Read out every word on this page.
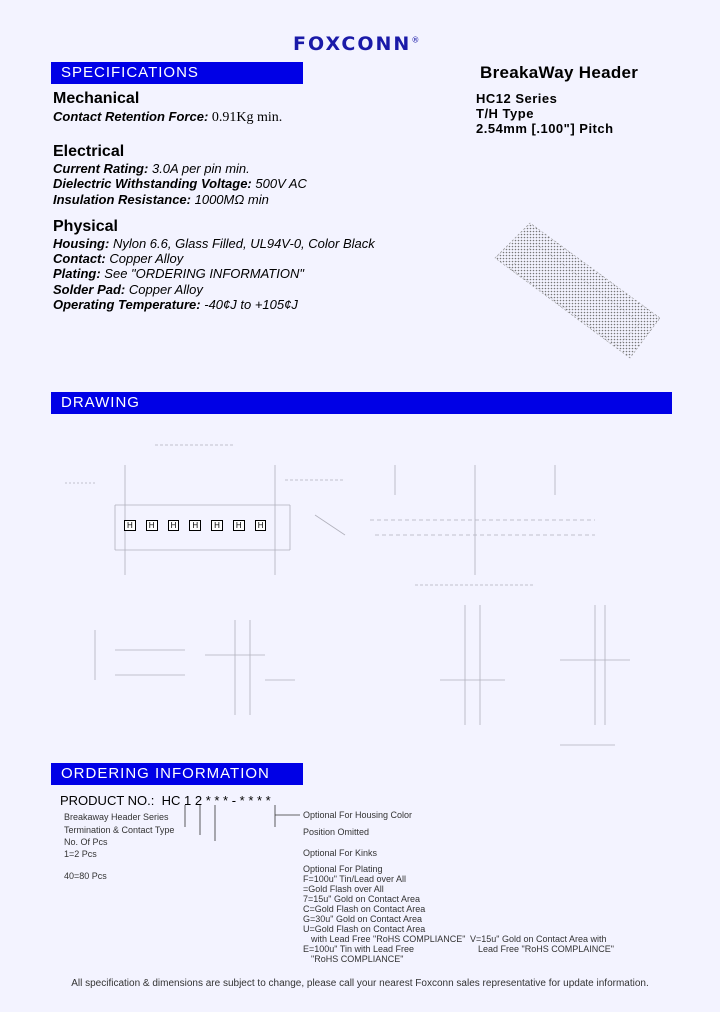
FOXCONN®
SPECIFICATIONS	BreakaWay Header
HC12 Series
T/H Type
2.54mm [.100"] Pitch
Mechanical
Contact Retention Force: 0.91Kg min.
Electrical
Current Rating: 3.0A per pin min.
Dielectric Withstanding Voltage: 500V AC
Insulation Resistance: 1000MΩ min
Physical
Housing: Nylon 6.6, Glass Filled, UL94V-0, Color Black
Contact: Copper Alloy
Plating: See "ORDERING INFORMATION"
Solder Pad: Copper Alloy
Operating Temperature: -40¢J to +105¢J
DRAWING
H	H	H	H	H	H	H
ORDERING INFORMATION
PRODUCT NO.: HC 1 2 * * * - * * * *
Breakaway Header Series
Termination & Contact Type
No. Of Pcs
1=2 Pcs
40=80 Pcs
Optional For Housing Color
Position Omitted
Optional For Kinks
Optional For Plating
F=100u" Tin/Lead over All
=Gold Flash over All
7=15u" Gold on Contact Area
C=Gold Flash on Contact Area
G=30u" Gold on Contact Area
U=Gold Flash on Contact Area
with Lead Free "RoHS COMPLIANCE"
E=100u" Tin with Lead Free
"RoHS COMPLIANCE"
V=15u" Gold on Contact Area with
Lead Free "RoHS COMPLAINCE"
All specification & dimensions are subject to change, please call your nearest Foxconn sales representative for update information.
